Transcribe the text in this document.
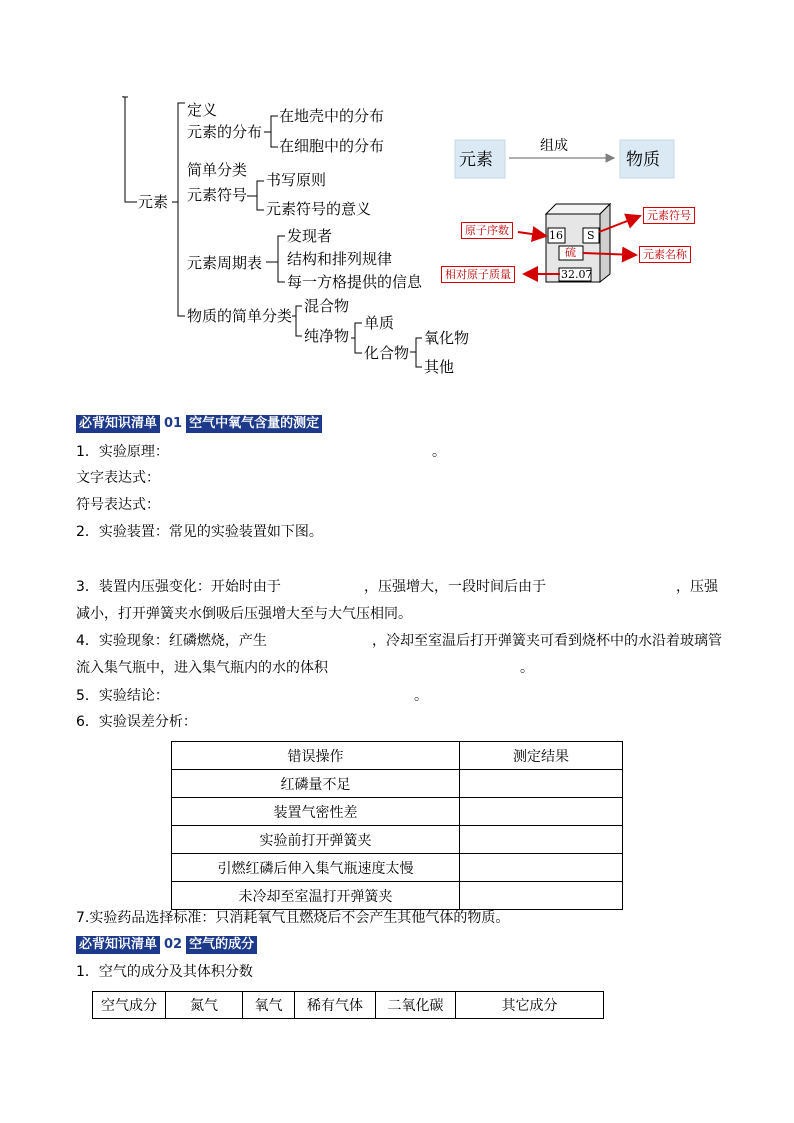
元素
定义
元素的分布
在地壳中的分布
在细胞中的分布
简单分类
元素符号
书写原则
元素符号的意义
元素周期表
发现者
结构和排列规律
每一方格提供的信息
物质的简单分类
混合物
纯净物
单质
化合物
氧化物
其他
元素	物质
组成
16 S
硫
32.07
原子序数
元素符号
元素名称
相对原子质量
必背知识清单 01 空气中氧气含量的测定
1．实验原理：	。
文字表达式：
符号表达式：
2．实验装置：常见的实验装置如下图。
3．装置内压强变化：开始时由于	，压强增大，一段时间后由于	，压强
减小，打开弹簧夹水倒吸后压强增大至与大气压相同。
4．实验现象：红磷燃烧，产生	，冷却至室温后打开弹簧夹可看到烧杯中的水沿着玻璃管
流入集气瓶中，进入集气瓶内的水的体积	。
5．实验结论：	。
6．实验误差分析：
错误操作	测定结果
红磷量不足	
装置气密性差	
实验前打开弹簧夹	
引燃红磷后伸入集气瓶速度太慢	
未冷却至室温打开弹簧夹	
7.实验药品选择标准：只消耗氧气且燃烧后不会产生其他气体的物质。
必背知识清单 02 空气的成分
1．空气的成分及其体积分数
空气成分	氮气	氧气	稀有气体	二氧化碳	其它成分
